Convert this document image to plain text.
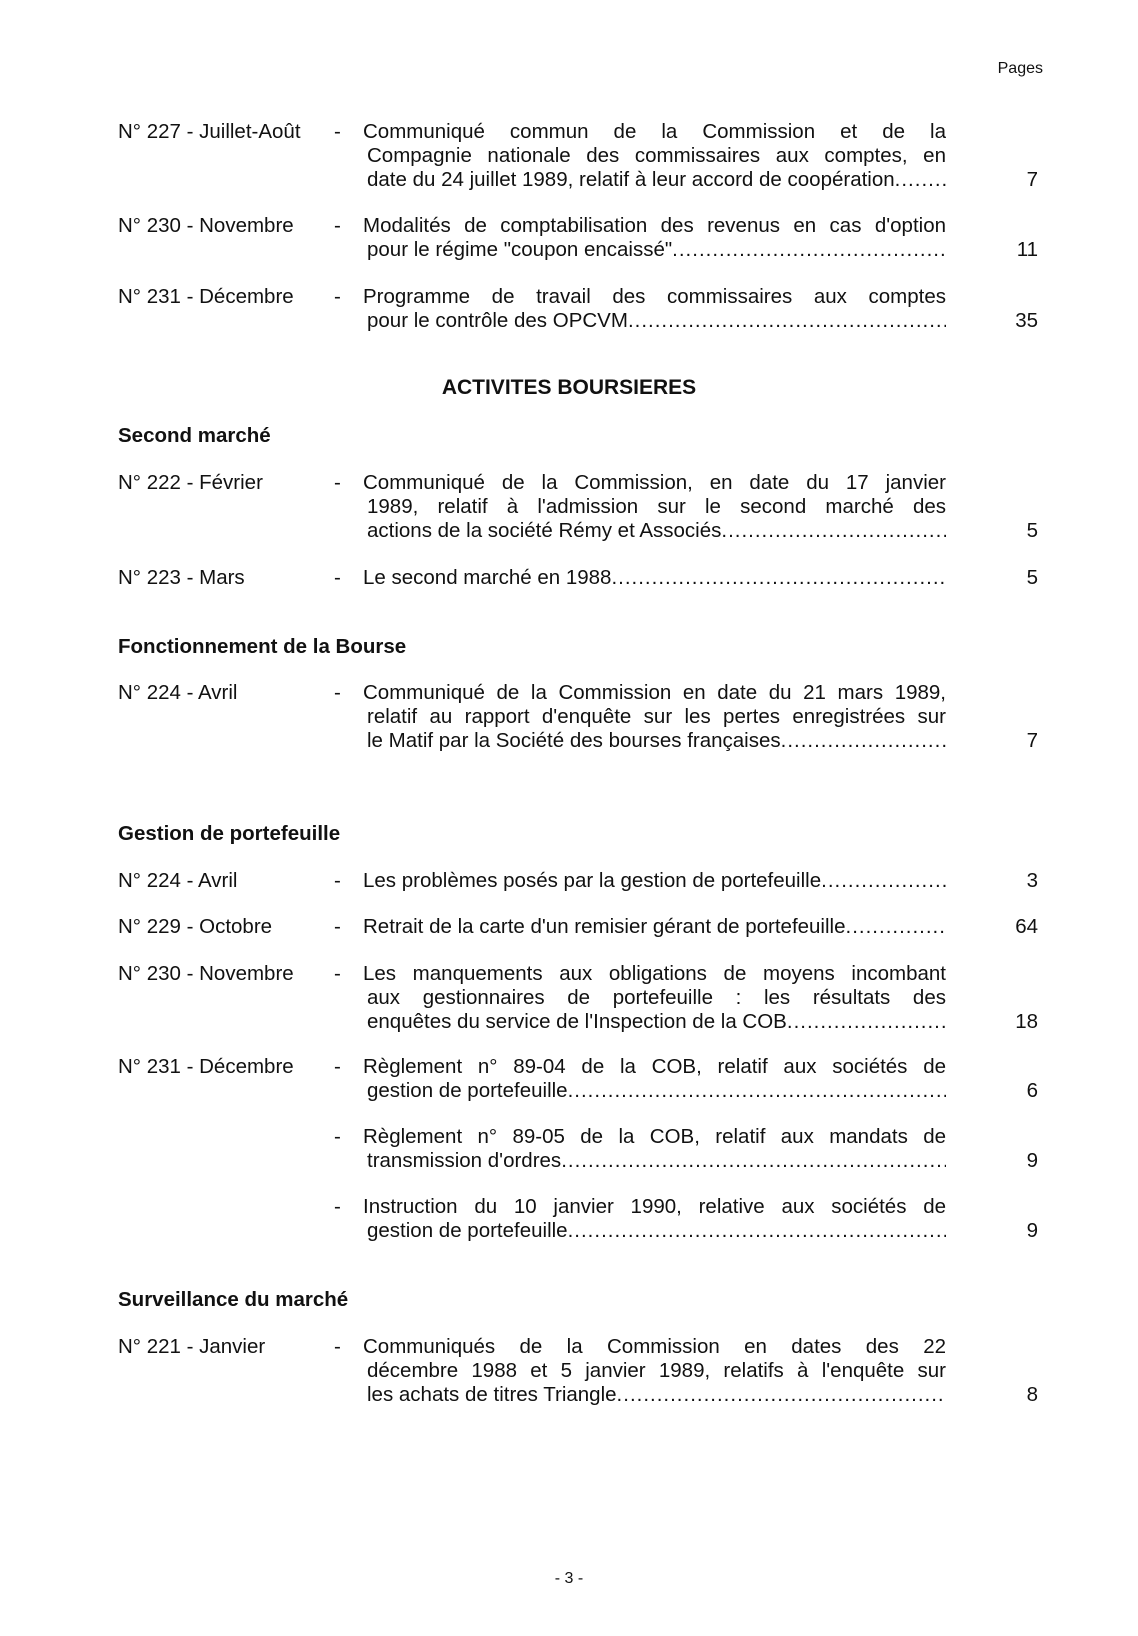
Pages
N° 227 - Juillet-Août - Communiqué commun de la Commission et de la
Compagnie nationale des commissaires aux comptes, en
date du 24 juillet 1989, relatif à leur accord de coopération .....	7
N° 230 - Novembre - Modalités de comptabilisation des revenus en cas d'option
pour le régime "coupon encaissé" .....	11
N° 231 - Décembre - Programme de travail des commissaires aux comptes
pour le contrôle des OPCVM .....	35
ACTIVITES BOURSIERES
Second marché
N° 222 - Février	- Communiqué de la Commission, en date du 17 janvier
1989, relatif à l'admission sur le second marché des
actions de la société Rémy et Associés .....	5
N° 223 - Mars	- Le second marché en 1988 .....	5
Fonctionnement de la Bourse
N° 224 - Avril	- Communiqué de la Commission en date du 21 mars 1989,
relatif au rapport d'enquête sur les pertes enregistrées sur
le Matif par la Société des bourses françaises .....	7
Gestion de portefeuille
N° 224 - Avril	- Les problèmes posés par la gestion de portefeuille .....	3
N° 229 - Octobre	- Retrait de la carte d'un remisier gérant de portefeuille .....	64
N° 230 - Novembre - Les manquements aux obligations de moyens incombant
aux gestionnaires de portefeuille : les résultats des
enquêtes du service de l'Inspection de la COB .....	18
N° 231 - Décembre - Règlement n° 89-04 de la COB, relatif aux sociétés de
gestion de portefeuille .....	6
- Règlement n° 89-05 de la COB, relatif aux mandats de
transmission d'ordres .....	9
- Instruction du 10 janvier 1990, relative aux sociétés de
gestion de portefeuille .....	9
Surveillance du marché
N° 221 - Janvier	- Communiqués de la Commission en dates des 22
décembre 1988 et 5 janvier 1989, relatifs à l'enquête sur
les achats de titres Triangle .....	8
- 3 -
